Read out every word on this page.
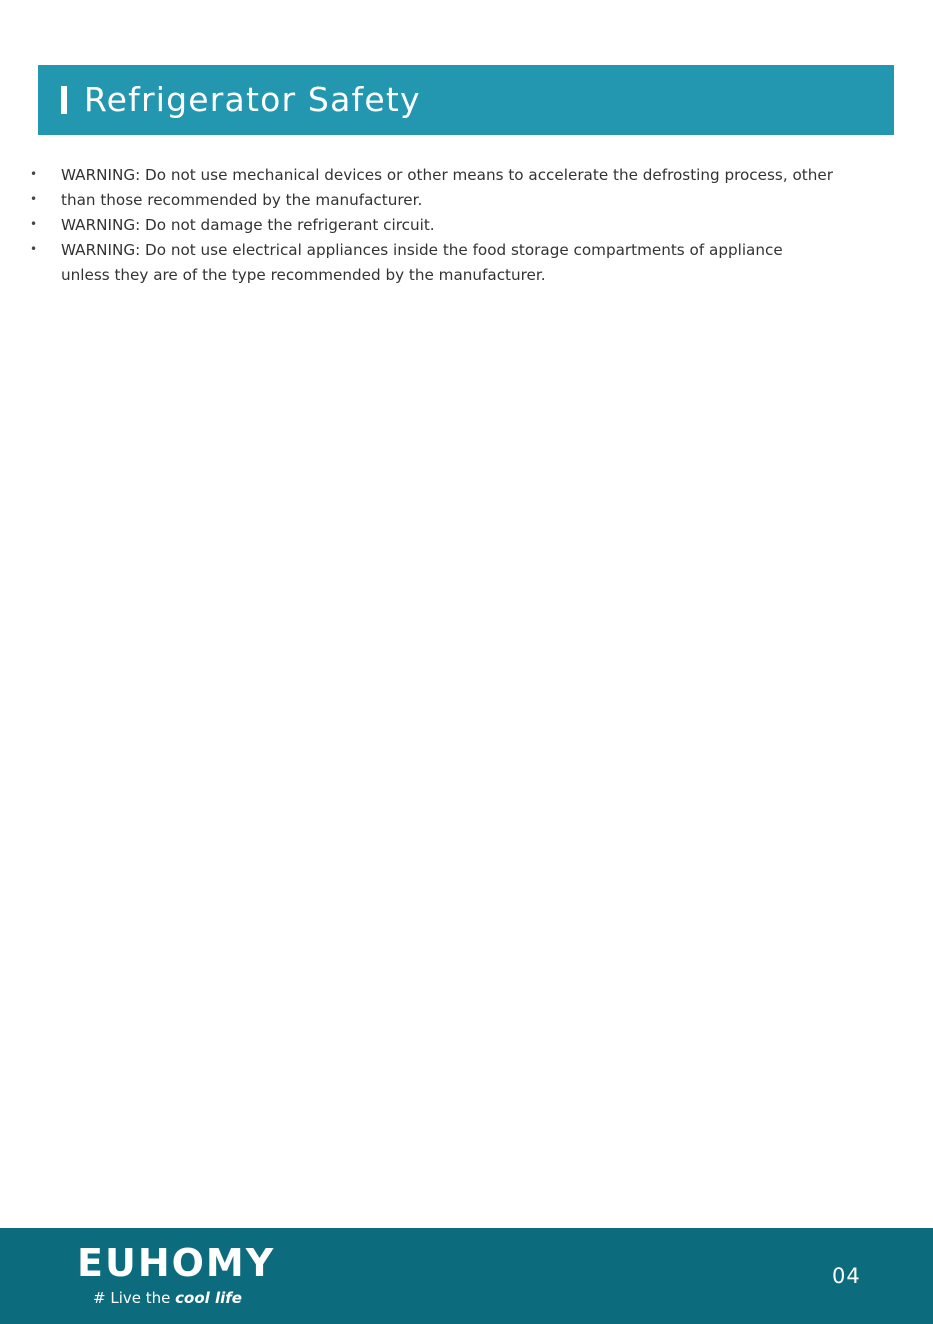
Refrigerator Safety
• WARNING: Do not use mechanical devices or other means to accelerate the defrosting process, other
• than those recommended by the manufacturer.
• WARNING: Do not damage the refrigerant circuit.
• WARNING: Do not use electrical appliances inside the food storage compartments of appliance
unless they are of the type recommended by the manufacturer.
EUHOMY
# Live the cool life
04
